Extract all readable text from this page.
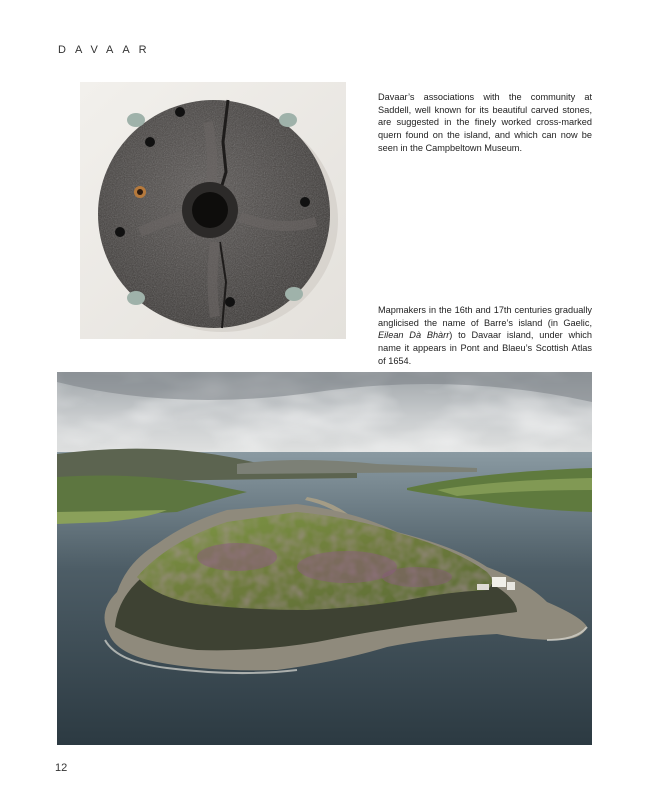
DAVAAR

Davaar’s associations with the community at Saddell, well known for its beautiful carved stones, are suggested in the finely worked cross-marked quern found on the island, and which can now be seen in the Campbeltown Museum.

Mapmakers in the 16th and 17th centuries gradually anglicised the name of Barre’s island (in Gaelic, Eilean Dà Bhàrr) to Davaar island, under which name it appears in Pont and Blaeu’s Scottish Atlas of 1654.

12
PassionForum.ru
